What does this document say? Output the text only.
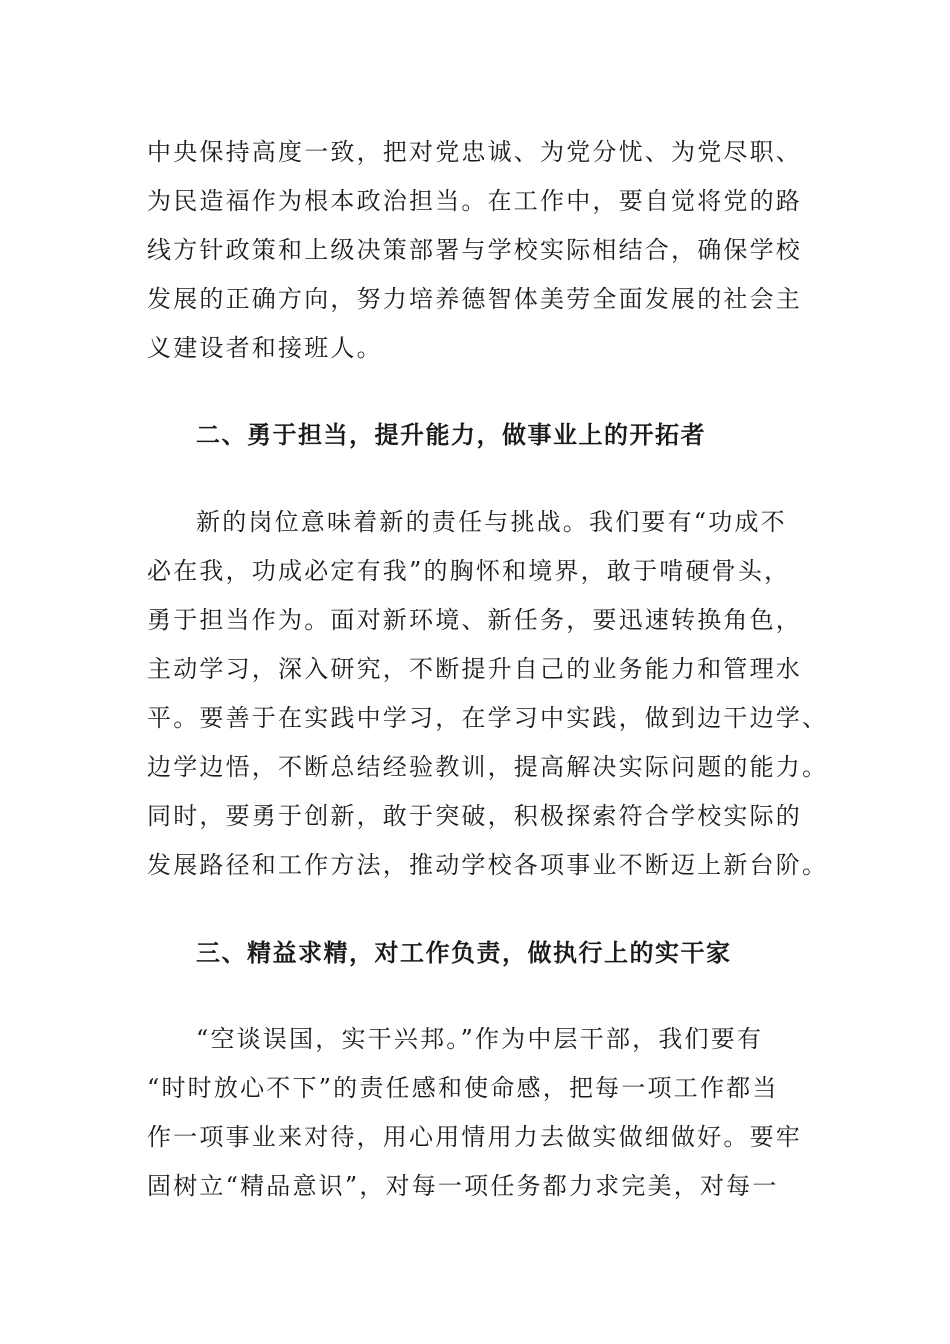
中央保持高度一致，把对党忠诚、为党分忧、为党尽职、
为民造福作为根本政治担当。在工作中，要自觉将党的路
线方针政策和上级决策部署与学校实际相结合，确保学校
发展的正确方向，努力培养德智体美劳全面发展的社会主
义建设者和接班人。
二、勇于担当，提升能力，做事业上的开拓者
新的岗位意味着新的责任与挑战。我们要有“功成不
必在我，功成必定有我”的胸怀和境界，敢于啃硬骨头，
勇于担当作为。面对新环境、新任务，要迅速转换角色，
主动学习，深入研究，不断提升自己的业务能力和管理水
平。要善于在实践中学习，在学习中实践，做到边干边学、
边学边悟，不断总结经验教训，提高解决实际问题的能力。
同时，要勇于创新，敢于突破，积极探索符合学校实际的
发展路径和工作方法，推动学校各项事业不断迈上新台阶。
三、精益求精，对工作负责，做执行上的实干家
“空谈误国，实干兴邦。”作为中层干部，我们要有
“时时放心不下”的责任感和使命感，把每一项工作都当
作一项事业来对待，用心用情用力去做实做细做好。要牢
固树立“精品意识”，对每一项任务都力求完美，对每一
